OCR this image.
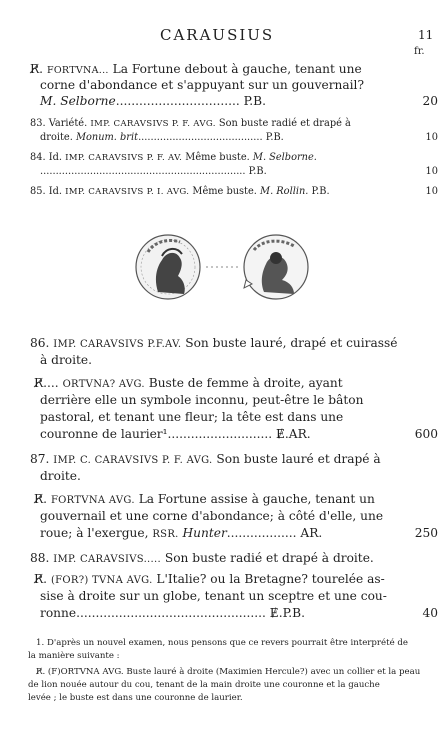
CARAUSIUS	11
fr.
R̸. FORTVNA... La Fortune debout à gauche, tenant une
corne d'abondance et s'appuyant sur un gouvernail?
M. Selborne................................ P.B.	20
83. Variété. IMP. CARAVSIVS P. F. AVG. Son buste radié et drapé à
droite. Monum. brit........................................ P.B.	10
84. Id. IMP. CARAVSIVS P. F. AV. Même buste. M. Selborne.
.................................................................. P.B.	10
85. Id. IMP. CARAVSIVS P. I. AVG. Même buste. M. Rollin. P.B.	10
86. IMP. CARAVSIVS P.F.AV. Son buste lauré, drapé et cuirassé
à droite.
R̸.... ORTVNA? AVG. Buste de femme à droite, ayant
derrière elle un symbole inconnu, peut-être le bâton
pastoral, et tenant une fleur; la tête est dans une
couronne de laurier¹........................... Ɇ.AR.	600
87. IMP. C. CARAVSIVS P. F. AVG. Son buste lauré et drapé à
droite.
R̸. FORTVNA AVG. La Fortune assise à gauche, tenant un
gouvernail et une corne d'abondance; à côté d'elle, une
roue; à l'exergue, RSR. Hunter.................. AR.	250
88. IMP. CARAVSIVS..... Son buste radié et drapé à droite.
R̸. (FOR?) TVNA AVG. L'Italie? ou la Bretagne? tourelée as-
sise à droite sur un globe, tenant un sceptre et une cou-
ronne................................................. Ɇ.P.B.	40
1. D'après un nouvel examen, nous pensons que ce revers pourrait être interprété de
la manière suivante :
R̸. (F)ORTVNA AVG. Buste lauré à droite (Maximien Hercule?) avec un collier et la peau
de lion nouée autour du cou, tenant de la main droite une couronne et la gauche
levée ; le buste est dans une couronne de laurier.
